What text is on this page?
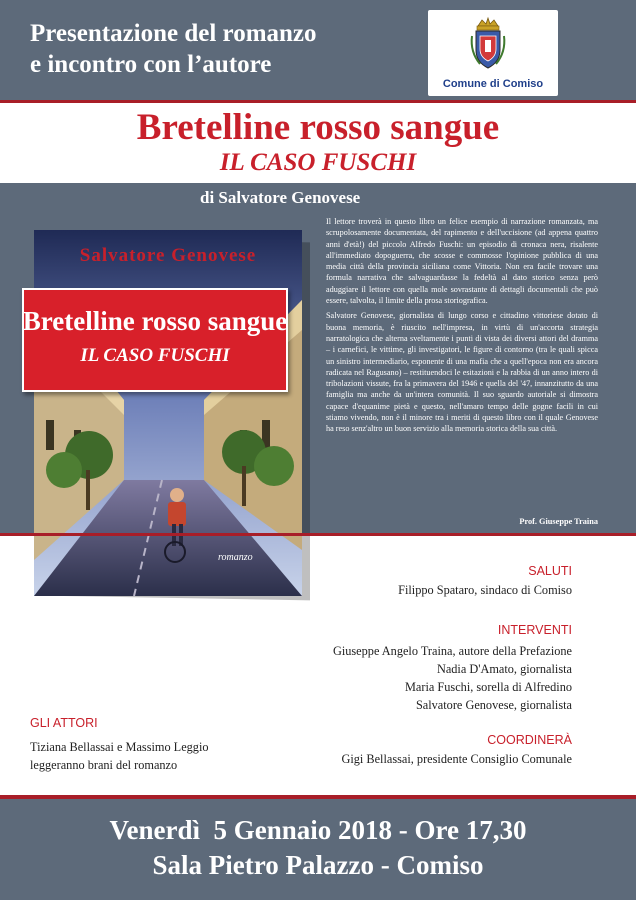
Presentazione del romanzo
e incontro con l’autore
Comune di Comiso
Bretelline rosso sangue
IL CASO FUSCHI
di Salvatore Genovese
Salvatore Genovese
Bretelline rosso sangue
IL CASO FUSCHI
romanzo

Il lettore troverà in questo libro un felice esempio di narrazione romanzata, ma scrupolosamente documentata, del rapimento e dell'uccisione (ad appena quattro anni d'età!) del piccolo Alfredo Fuschi: un episodio di cronaca nera, risalente all'immediato dopoguerra, che scosse e commosse l'opinione pubblica di una media città della provincia siciliana come Vittoria. Non era facile trovare una formula narrativa che salvaguardasse la fedeltà al dato storico senza però aduggiare il lettore con quella mole sovrastante di dettagli documentali che può essere, talvolta, il limite della prosa storiografica.

Salvatore Genovese, giornalista di lungo corso e cittadino vittoriese dotato di buona memoria, è riuscito nell'impresa, in virtù di un'accorta strategia narratologica che alterna sveltamente i punti di vista dei diversi attori del dramma – i carnefici, le vittime, gli investigatori, le figure di contorno (tra le quali spicca un sinistro intermediario, esponente di una mafia che a quell'epoca non era ancora radicata nel Ragusano) – restituendoci le esitazioni e la rabbia di un anno intero di tribolazioni vissute, fra la primavera del 1946 e quella del '47, innanzitutto da una famiglia ma anche da un'intera comunità. Il suo sguardo autoriale si dimostra capace d'equanime pietà e questo, nell'amaro tempo delle gogne facili in cui stiamo vivendo, non è il minore tra i meriti di questo libro con il quale Genovese ha reso senz'altro un buon servizio alla memoria storica della sua città.

Prof. Giuseppe Traina
SALUTI
Filippo Spataro, sindaco di Comiso
INTERVENTI
Giuseppe Angelo Traina, autore della Prefazione
Nadia D'Amato, giornalista
Maria Fuschi, sorella di Alfredino
Salvatore Genovese, giornalista
GLI ATTORI
Tiziana Bellassai e Massimo Leggio
leggeranno brani del romanzo
COORDINERÀ
Gigi Bellassai, presidente Consiglio Comunale
Venerdì  5 Gennaio 2018 - Ore 17,30
Sala Pietro Palazzo - Comiso
